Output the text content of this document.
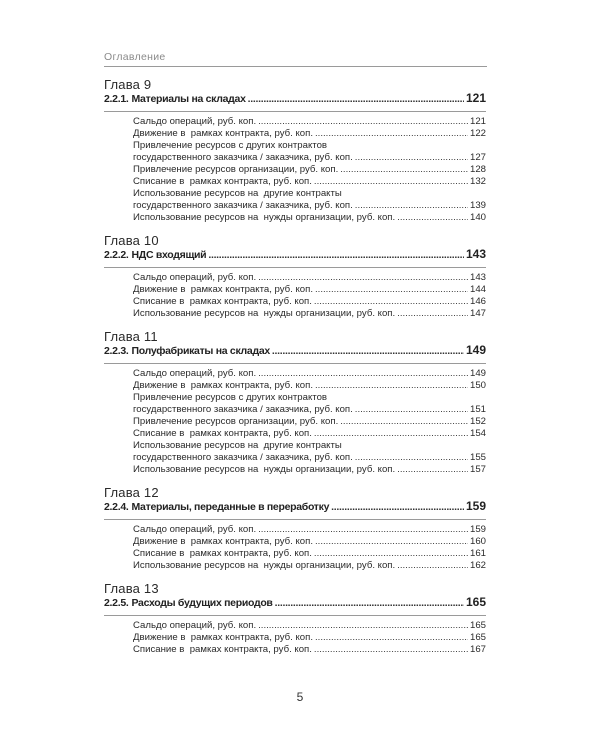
Оглавление
Глава 9
2.2.1. Материалы на складах .....	121
Сальдо операций, руб. коп. .....	121
Движение в  рамках контракта, руб. коп. .....	122
Привлечение ресурсов с других контрактов
государственного заказчика / заказчика, руб. коп. .....	127
Привлечение ресурсов организации, руб. коп. .....	128
Списание в  рамках контракта, руб. коп. .....	132
Использование ресурсов на  другие контракты
государственного заказчика / заказчика, руб. коп. .....	139
Использование ресурсов на  нужды организации, руб. коп. .....	140
Глава 10
2.2.2. НДС входящий .....	143
Сальдо операций, руб. коп. .....	143
Движение в  рамках контракта, руб. коп. .....	144
Списание в  рамках контракта, руб. коп. .....	146
Использование ресурсов на  нужды организации, руб. коп. .....	147
Глава 11
2.2.3. Полуфабрикаты на складах .....	149
Сальдо операций, руб. коп. .....	149
Движение в  рамках контракта, руб. коп. .....	150
Привлечение ресурсов с других контрактов
государственного заказчика / заказчика, руб. коп. .....	151
Привлечение ресурсов организации, руб. коп. .....	152
Списание в  рамках контракта, руб. коп. .....	154
Использование ресурсов на  другие контракты
государственного заказчика / заказчика, руб. коп. .....	155
Использование ресурсов на  нужды организации, руб. коп. .....	157
Глава 12
2.2.4. Материалы, переданные в переработку .....	159
Сальдо операций, руб. коп. .....	159
Движение в  рамках контракта, руб. коп. .....	160
Списание в  рамках контракта, руб. коп. .....	161
Использование ресурсов на  нужды организации, руб. коп. .....	162
Глава 13
2.2.5. Расходы будущих периодов .....	165
Сальдо операций, руб. коп. .....	165
Движение в  рамках контракта, руб. коп. .....	165
Списание в  рамках контракта, руб. коп. .....	167
5
